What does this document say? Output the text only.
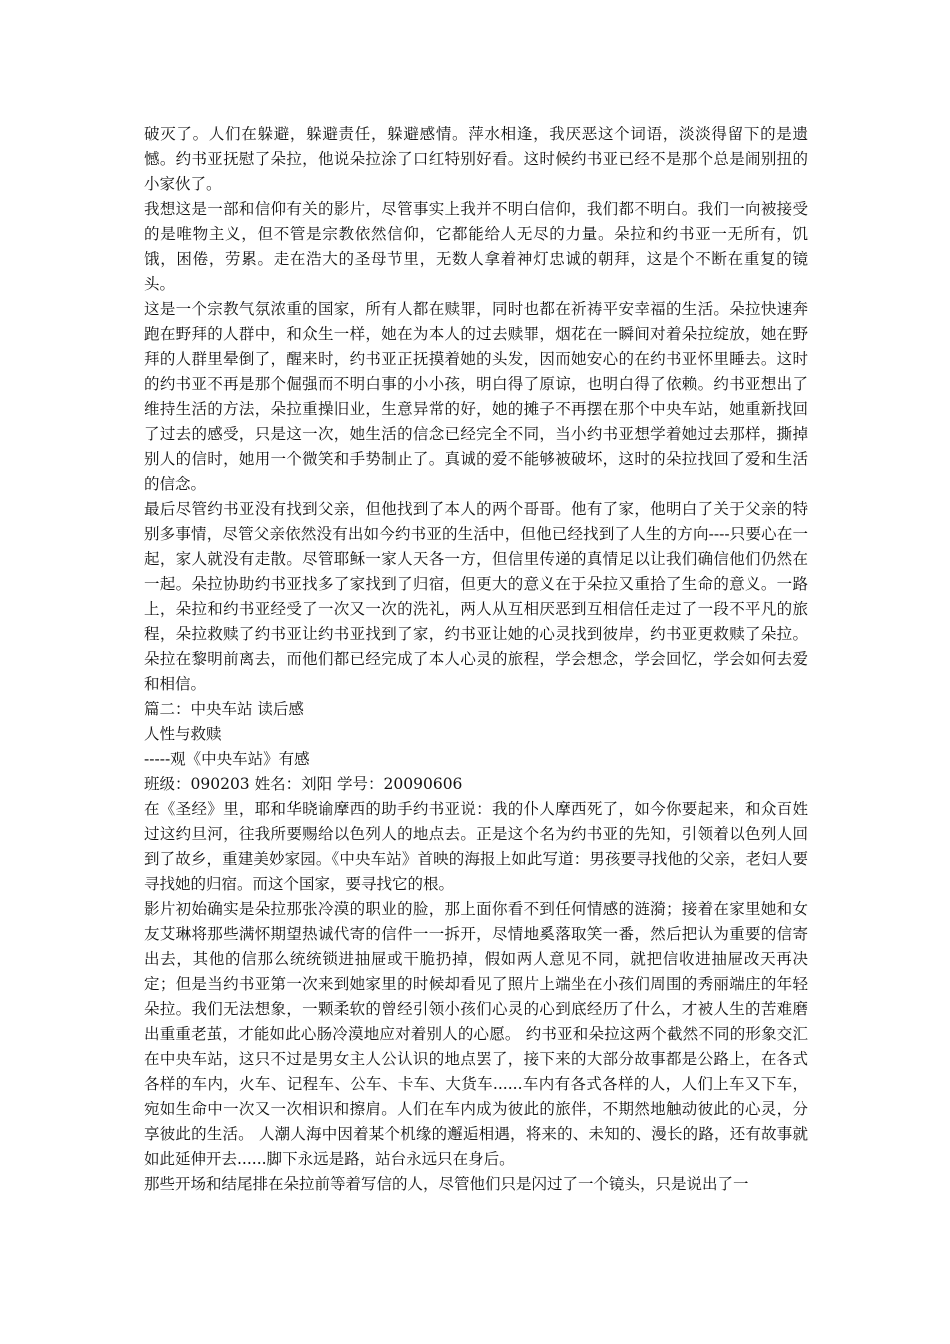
破灭了。人们在躲避，躲避责任，躲避感情。萍水相逢，我厌恶这个词语，淡淡得留下的是遗憾。约书亚抚慰了朵拉，他说朵拉涂了口红特别好看。这时候约书亚已经不是那个总是闹别扭的小家伙了。

我想这是一部和信仰有关的影片，尽管事实上我并不明白信仰，我们都不明白。我们一向被接受的是唯物主义，但不管是宗教依然信仰，它都能给人无尽的力量。朵拉和约书亚一无所有，饥饿，困倦，劳累。走在浩大的圣母节里，无数人拿着神灯忠诚的朝拜，这是个不断在重复的镜头。

这是一个宗教气氛浓重的国家，所有人都在赎罪，同时也都在祈祷平安幸福的生活。朵拉快速奔跑在野拜的人群中，和众生一样，她在为本人的过去赎罪，烟花在一瞬间对着朵拉绽放，她在野拜的人群里晕倒了，醒来时，约书亚正抚摸着她的头发，因而她安心的在约书亚怀里睡去。这时的约书亚不再是那个倔强而不明白事的小小孩，明白得了原谅，也明白得了依赖。约书亚想出了维持生活的方法，朵拉重操旧业，生意异常的好，她的摊子不再摆在那个中央车站，她重新找回了过去的感受，只是这一次，她生活的信念已经完全不同，当小约书亚想学着她过去那样，撕掉别人的信时，她用一个微笑和手势制止了。真诚的爱不能够被破坏，这时的朵拉找回了爱和生活的信念。

最后尽管约书亚没有找到父亲，但他找到了本人的两个哥哥。他有了家，他明白了关于父亲的特别多事情，尽管父亲依然没有出如今约书亚的生活中，但他已经找到了人生的方向----只要心在一起，家人就没有走散。尽管耶稣一家人天各一方，但信里传递的真情足以让我们确信他们仍然在一起。朵拉协助约书亚找多了家找到了归宿，但更大的意义在于朵拉又重拾了生命的意义。一路上，朵拉和约书亚经受了一次又一次的洗礼，两人从互相厌恶到互相信任走过了一段不平凡的旅程，朵拉救赎了约书亚让约书亚找到了家，约书亚让她的心灵找到彼岸，约书亚更救赎了朵拉。朵拉在黎明前离去，而他们都已经完成了本人心灵的旅程，学会想念，学会回忆，学会如何去爱和相信。

篇二：中央车站 读后感

人性与救赎

-----观《中央车站》有感

班级：090203 姓名：刘阳 学号：20090606

在《圣经》里，耶和华晓谕摩西的助手约书亚说：我的仆人摩西死了，如今你要起来，和众百姓过这约旦河，往我所要赐给以色列人的地点去。正是这个名为约书亚的先知，引领着以色列人回到了故乡，重建美妙家园。《中央车站》首映的海报上如此写道：男孩要寻找他的父亲，老妇人要寻找她的归宿。而这个国家，要寻找它的根。

影片初始确实是朵拉那张冷漠的职业的脸，那上面你看不到任何情感的涟漪；接着在家里她和女友艾琳将那些满怀期望热诚代寄的信件一一拆开，尽情地奚落取笑一番，然后把认为重要的信寄出去，其他的信那么统统锁进抽屉或干脆扔掉，假如两人意见不同，就把信收进抽屉改天再决定；但是当约书亚第一次来到她家里的时候却看见了照片上端坐在小孩们周围的秀丽端庄的年轻朵拉。我们无法想象，一颗柔软的曾经引领小孩们心灵的心到底经历了什么，才被人生的苦难磨出重重老茧，才能如此心肠冷漠地应对着别人的心愿。 约书亚和朵拉这两个截然不同的形象交汇在中央车站，这只不过是男女主人公认识的地点罢了，接下来的大部分故事都是公路上，在各式各样的车内，火车、记程车、公车、卡车、大货车......车内有各式各样的人，人们上车又下车，宛如生命中一次又一次相识和擦肩。人们在车内成为彼此的旅伴，不期然地触动彼此的心灵，分享彼此的生活。 人潮人海中因着某个机缘的邂逅相遇，将来的、未知的、漫长的路，还有故事就如此延伸开去......脚下永远是路，站台永远只在身后。

那些开场和结尾排在朵拉前等着写信的人，尽管他们只是闪过了一个镜头，只是说出了一
